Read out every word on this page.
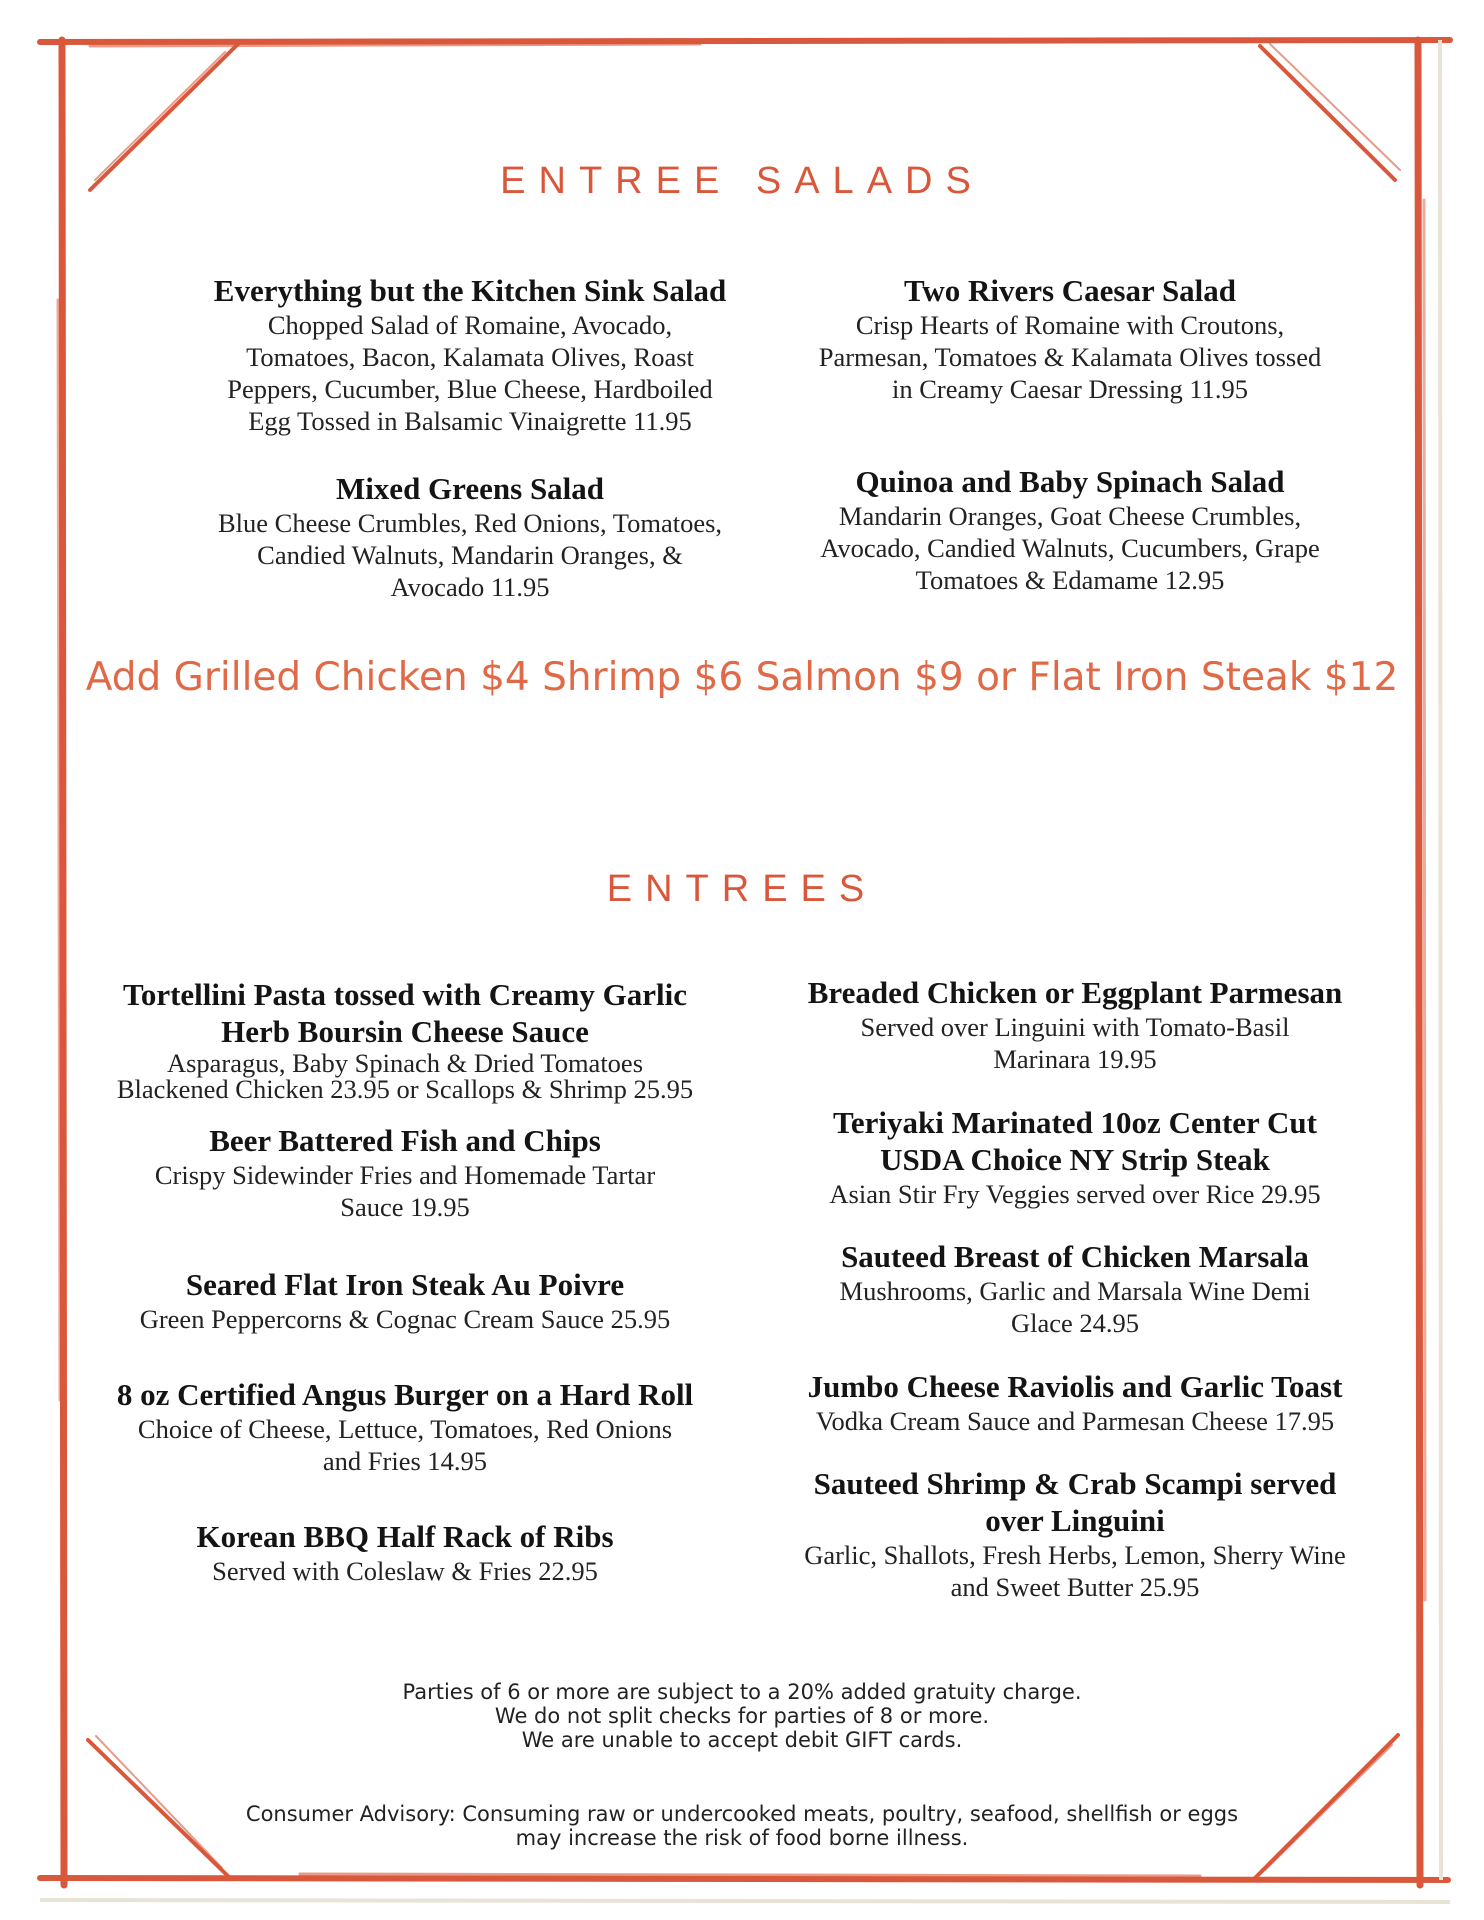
ENTREE SALADS
Everything but the Kitchen Sink Salad
Chopped Salad of Romaine, Avocado,
Tomatoes, Bacon, Kalamata Olives, Roast
Peppers, Cucumber, Blue Cheese, Hardboiled
Egg Tossed in Balsamic Vinaigrette 11.95
Two Rivers Caesar Salad
Crisp Hearts of Romaine with Croutons,
Parmesan, Tomatoes & Kalamata Olives tossed
in Creamy Caesar Dressing 11.95
Mixed Greens Salad
Blue Cheese Crumbles, Red Onions, Tomatoes,
Candied Walnuts, Mandarin Oranges, &
Avocado 11.95
Quinoa and Baby Spinach Salad
Mandarin Oranges, Goat Cheese Crumbles,
Avocado, Candied Walnuts, Cucumbers, Grape
Tomatoes & Edamame 12.95
Add Grilled Chicken $4 Shrimp $6 Salmon $9 or Flat Iron Steak $12
ENTREES
Tortellini Pasta tossed with Creamy Garlic
Herb Boursin Cheese Sauce
Asparagus, Baby Spinach & Dried Tomatoes
Blackened Chicken 23.95 or Scallops & Shrimp 25.95
Beer Battered Fish and Chips
Crispy Sidewinder Fries and Homemade Tartar
Sauce 19.95
Seared Flat Iron Steak Au Poivre
Green Peppercorns & Cognac Cream Sauce 25.95
8 oz Certified Angus Burger on a Hard Roll
Choice of Cheese, Lettuce, Tomatoes, Red Onions
and Fries 14.95
Korean BBQ Half Rack of Ribs
Served with Coleslaw & Fries 22.95
Breaded Chicken or Eggplant Parmesan
Served over Linguini with Tomato-Basil
Marinara 19.95
Teriyaki Marinated 10oz Center Cut
USDA Choice NY Strip Steak
Asian Stir Fry Veggies served over Rice 29.95
Sauteed Breast of Chicken Marsala
Mushrooms, Garlic and Marsala Wine Demi
Glace 24.95
Jumbo Cheese Raviolis and Garlic Toast
Vodka Cream Sauce and Parmesan Cheese 17.95
Sauteed Shrimp & Crab Scampi served
over Linguini
Garlic, Shallots, Fresh Herbs, Lemon, Sherry Wine
and Sweet Butter 25.95
Parties of 6 or more are subject to a 20% added gratuity charge.
We do not split checks for parties of 8 or more.
We are unable to accept debit GIFT cards.
Consumer Advisory: Consuming raw or undercooked meats, poultry, seafood, shellfish or eggs
may increase the risk of food borne illness.
